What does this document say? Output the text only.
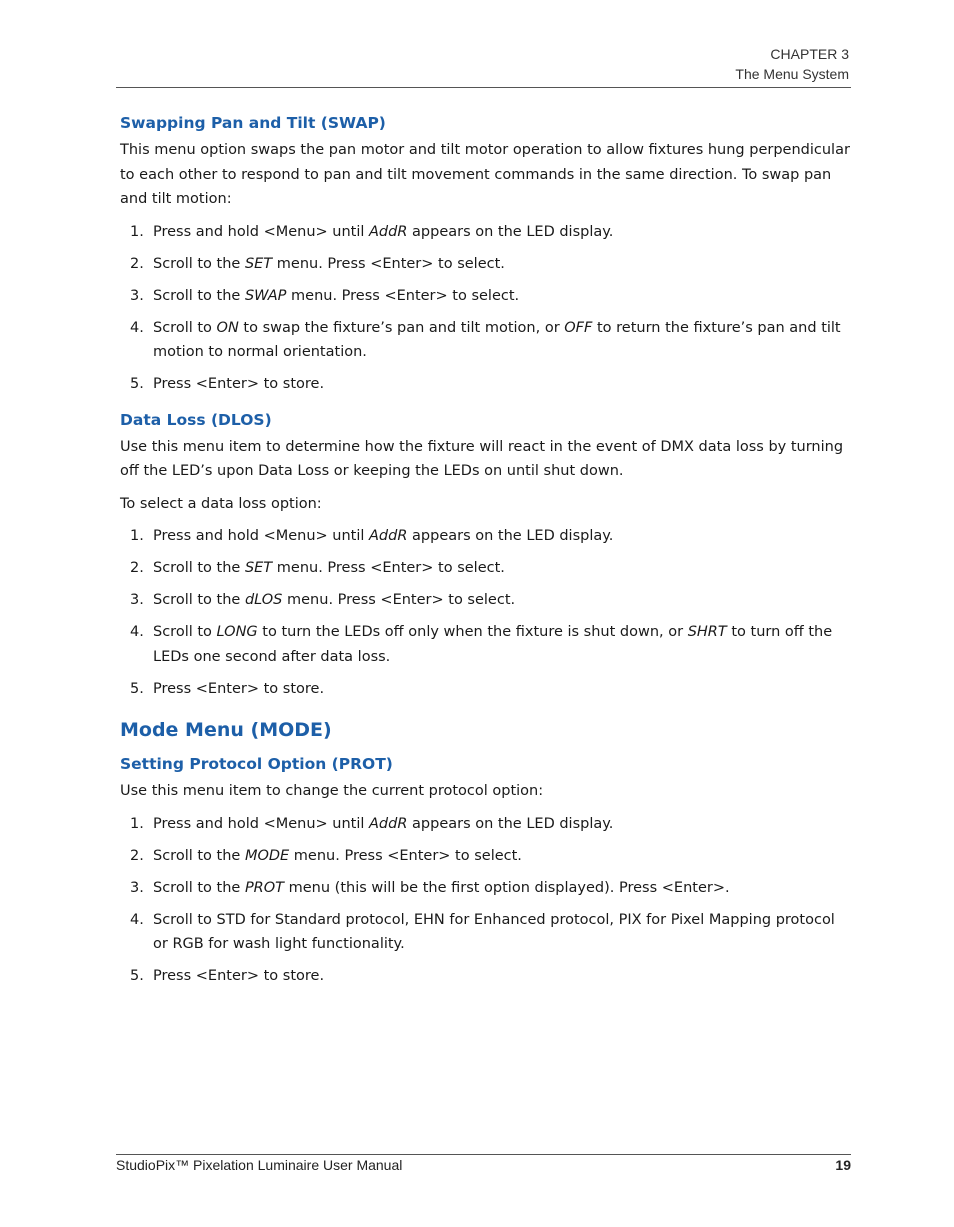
CHAPTER 3
The Menu System
Swapping Pan and Tilt (SWAP)

This menu option swaps the pan motor and tilt motor operation to allow fixtures hung perpendicular to each other to respond to pan and tilt movement commands in the same direction. To swap pan and tilt motion:

1. Press and hold <Menu> until AddR appears on the LED display.
2. Scroll to the SET menu. Press <Enter> to select.
3. Scroll to the SWAP menu. Press <Enter> to select.
4. Scroll to ON to swap the fixture’s pan and tilt motion, or OFF to return the fixture’s pan and tilt motion to normal orientation.
5. Press <Enter> to store.
Data Loss (DLOS)

Use this menu item to determine how the fixture will react in the event of DMX data loss by turning off the LED’s upon Data Loss or keeping the LEDs on until shut down.

To select a data loss option:

1. Press and hold <Menu> until AddR appears on the LED display.
2. Scroll to the SET menu. Press <Enter> to select.
3. Scroll to the dLOS menu. Press <Enter> to select.
4. Scroll to LONG to turn the LEDs off only when the fixture is shut down, or SHRT to turn off the LEDs one second after data loss.
5. Press <Enter> to store.
Mode Menu (MODE)
Setting Protocol Option (PROT)

Use this menu item to change the current protocol option:

1. Press and hold <Menu> until AddR appears on the LED display.
2. Scroll to the MODE menu. Press <Enter> to select.
3. Scroll to the PROT menu (this will be the first option displayed). Press <Enter>.
4. Scroll to STD for Standard protocol, EHN for Enhanced protocol, PIX for Pixel Mapping protocol or RGB for wash light functionality.
5. Press <Enter> to store.
StudioPix™ Pixelation Luminaire User Manual	19
